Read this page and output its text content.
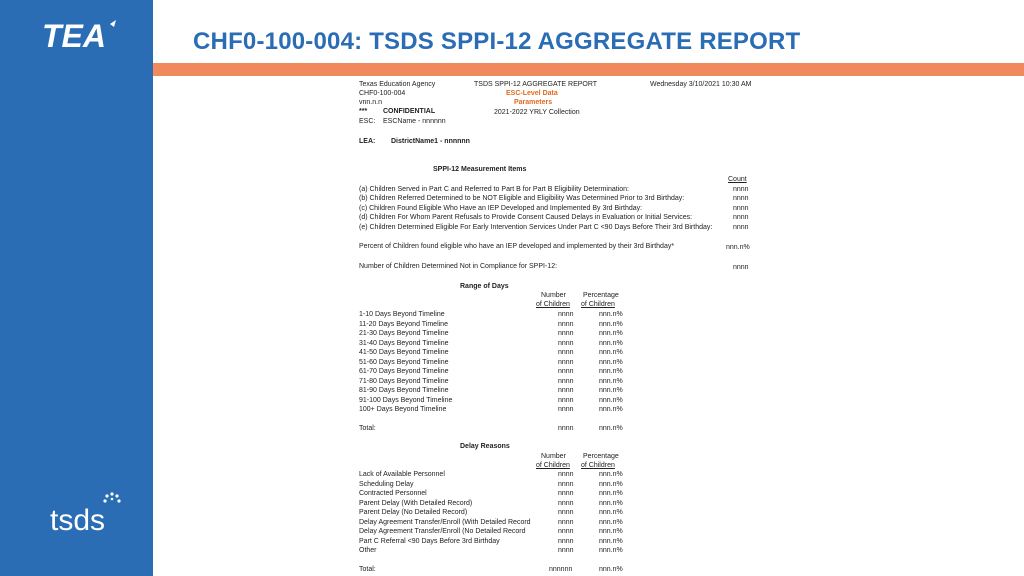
TEA
tsds
CHF0-100-004: TSDS SPPI-12 AGGREGATE REPORT
Texas Education Agency	TSDS SPPI-12 AGGREGATE REPORT	Wednesday 3/10/2021 10:30 AM
CHF0-100-004	ESC-Level Data
vnn.n.n	Parameters
*** CONFIDENTIAL	2021-2022 YRLY Collection
ESC: ESCName - nnnnnn
LEA: DistrictName1 - nnnnnn
SPPI-12 Measurement Items
Count
(a) Children Served in Part C and Referred to Part B for Part B Eligibility Determination:	nnnn
(b) Children Referred Determined to be NOT Eligible and Eligibility Was Determined Prior to 3rd Birthday:	nnnn
(c) Children Found Eligible Who Have an IEP Developed and Implemented By 3rd Birthday:	nnnn
(d) Children For Whom Parent Refusals to Provide Consent Caused Delays in Evaluation or Initial Services:	nnnn
(e) Children Determined Eligible For Early Intervention Services Under Part C <90 Days Before Their 3rd Birthday:	nnnn
Percent of Children found eligible who have an IEP developed and implemented by their 3rd Birthday*	nnn.n%
Number of Children Determined Not in Compliance for SPPI-12:	nnnn
Range of Days
Number Percentage
of Children of Children
1-10 Days Beyond Timeline	nnnn	nnn.n%
11-20 Days Beyond Timeline	nnnn	nnn.n%
21-30 Days Beyond Timeline	nnnn	nnn.n%
31-40 Days Beyond Timeline	nnnn	nnn.n%
41-50 Days Beyond Timeline	nnnn	nnn.n%
51-60 Days Beyond Timeline	nnnn	nnn.n%
61-70 Days Beyond Timeline	nnnn	nnn.n%
71-80 Days Beyond Timeline	nnnn	nnn.n%
81-90 Days Beyond Timeline	nnnn	nnn.n%
91-100 Days Beyond Timeline	nnnn	nnn.n%
100+ Days Beyond Timeline	nnnn	nnn.n%
Total:	nnnn	nnn.n%
Delay Reasons
Number Percentage
of Children of Children
Lack of Available Personnel	nnnn	nnn.n%
Scheduling Delay	nnnn	nnn.n%
Contracted Personnel	nnnn	nnn.n%
Parent Delay (With Detailed Record)	nnnn	nnn.n%
Parent Delay (No Detailed Record)	nnnn	nnn.n%
Delay Agreement Transfer/Enroll (With Detailed Record	nnnn	nnn.n%
Delay Agreement Transfer/Enroll (No Detailed Record	nnnn	nnn.n%
Part C Referral <90 Days Before 3rd Birthday	nnnn	nnn.n%
Other	nnnn	nnn.n%
Total:	nnnnnn	nnn.n%
